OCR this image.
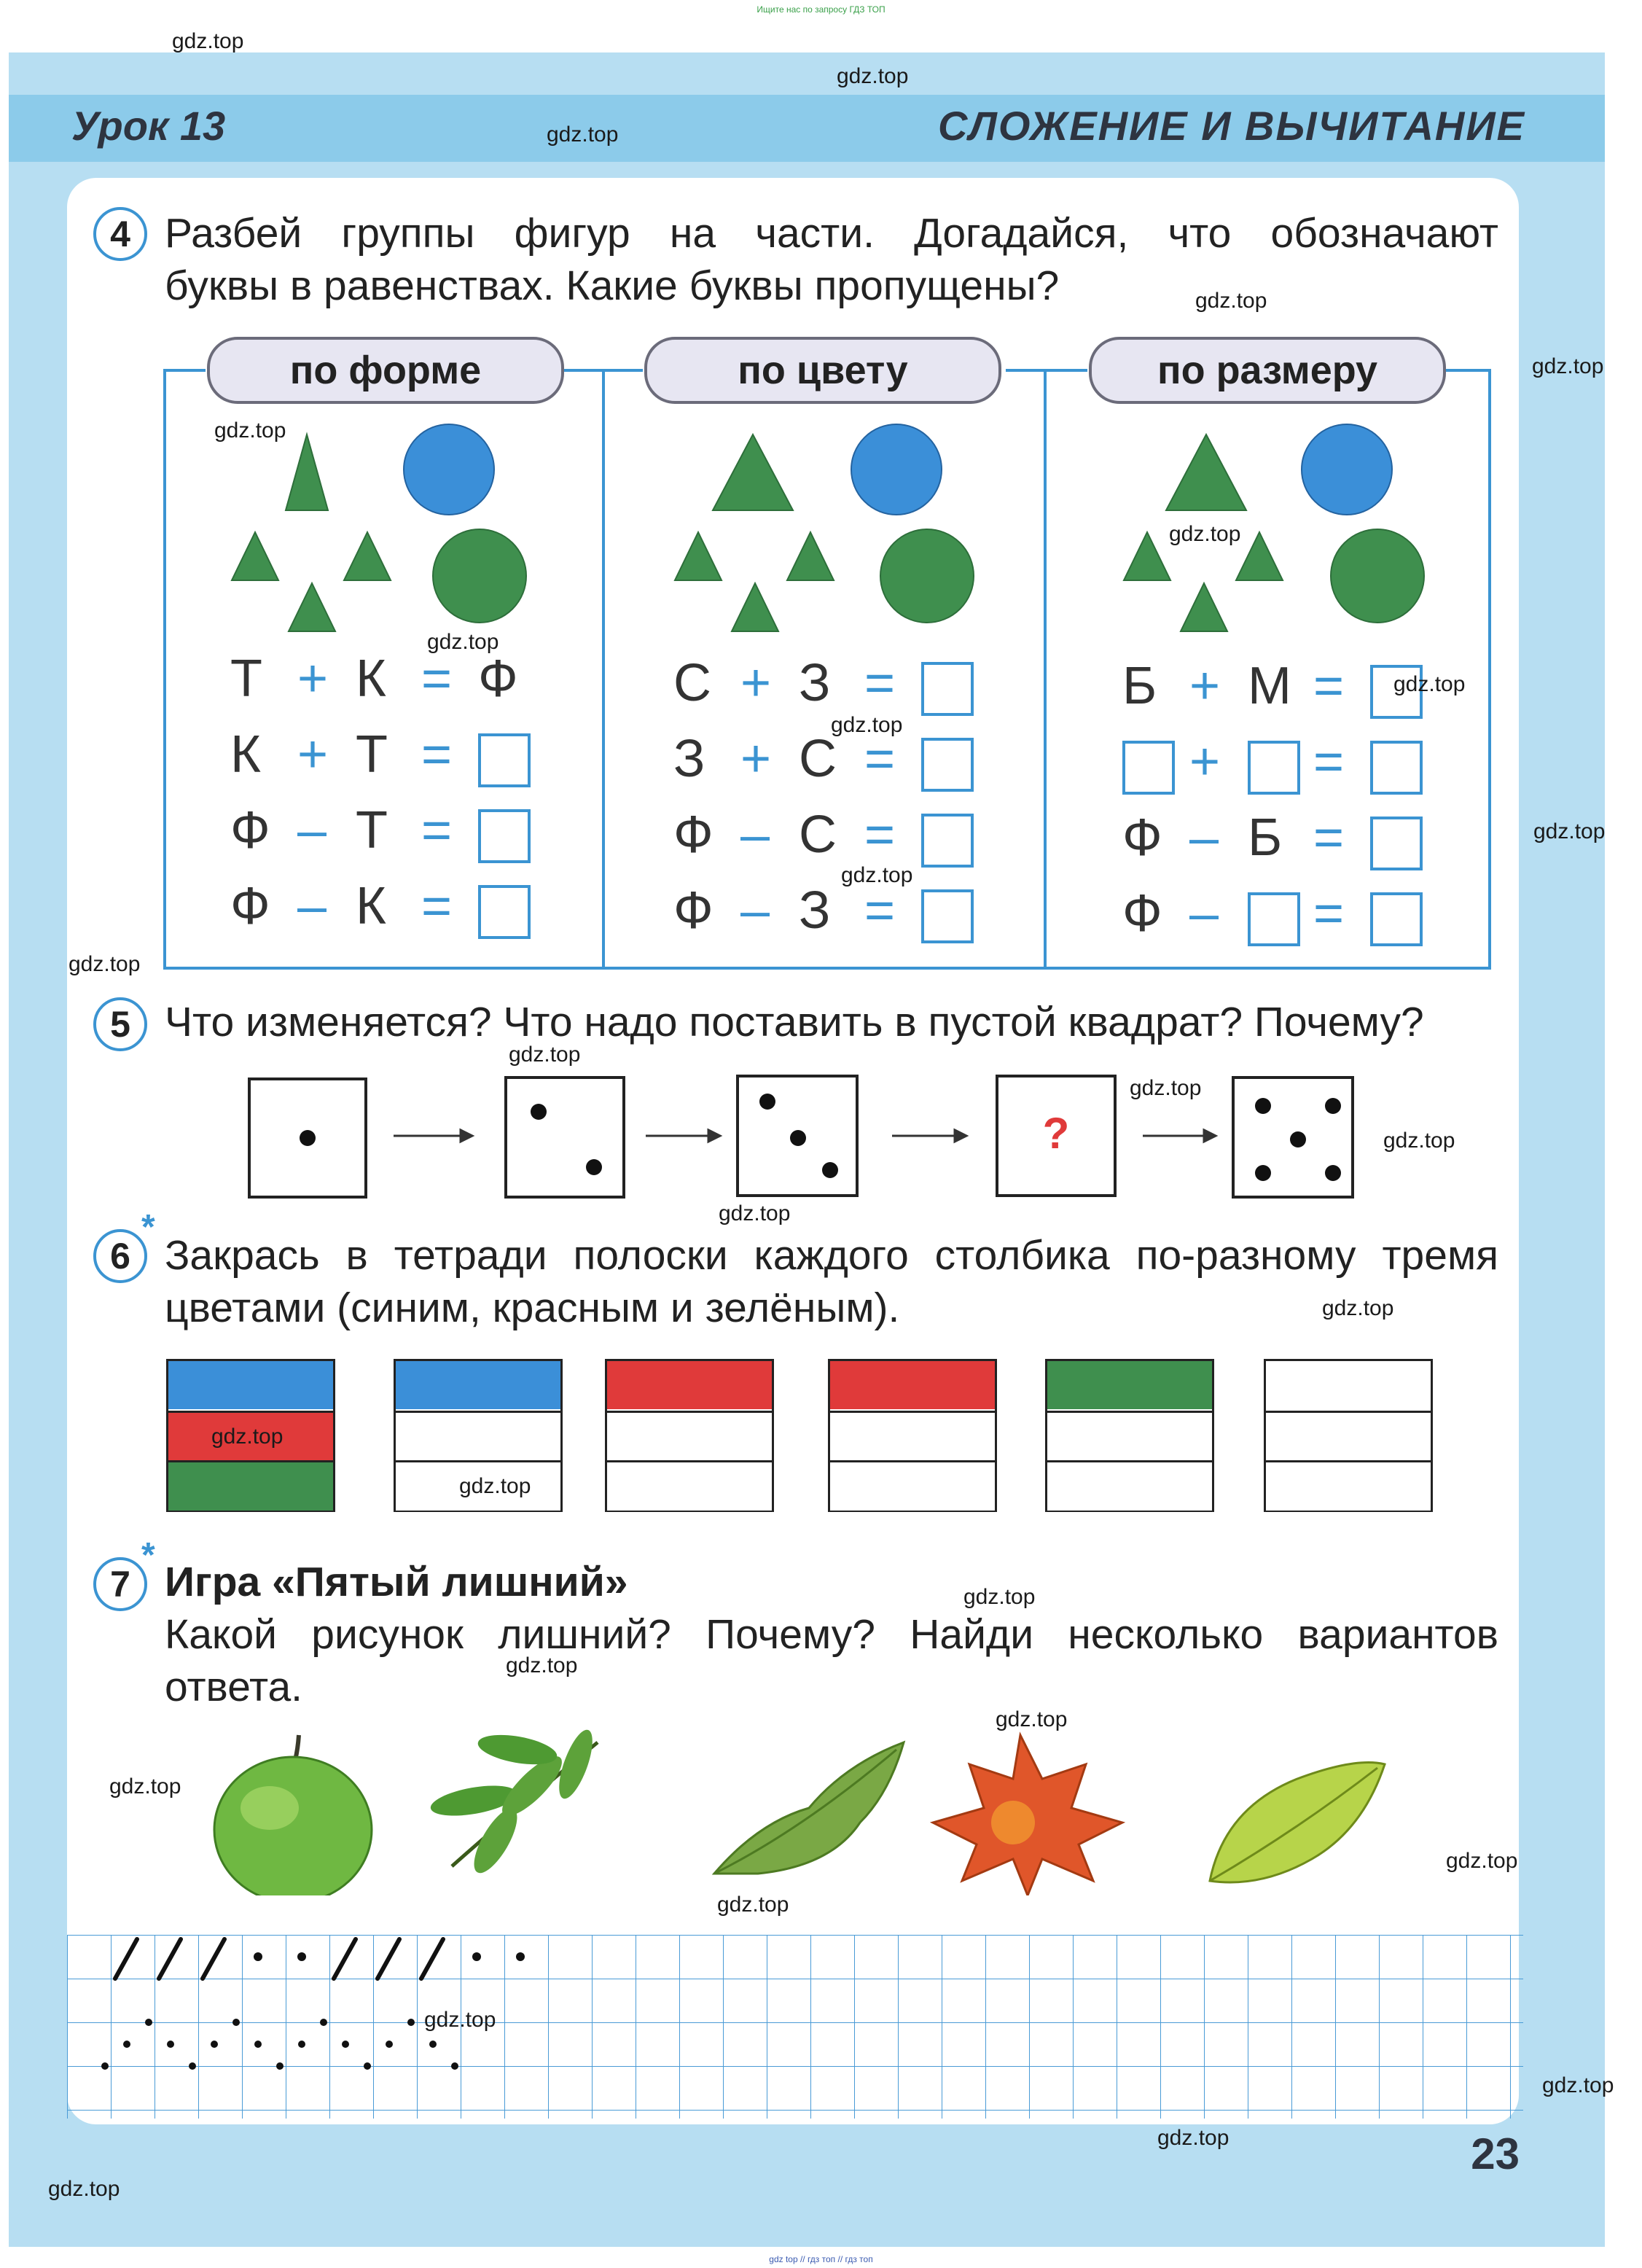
Ищите нас по запросу ГДЗ ТОП
Урок 13	СЛОЖЕНИЕ И ВЫЧИТАНИЕ
4 Разбей группы фигур на части. Догадайся, что обозначают
буквы в равенствах. Какие буквы пропущены?
по форме	по цвету	по размеру
Т + К = Ф
К + Т =
Ф – Т =
Ф – К =
С + З =
З + С =
Ф – С =
Ф – З =
Б + М =
+ =
Ф – Б =
Ф – =
5 Что изменяется? Что надо поставить в пустой квадрат? Почему?
?
6
*
Закрась в тетради полоски каждого столбика по-разному тремя
цветами (синим, красным и зелёным).
7
*
Игра «Пятый лишний»
Какой рисунок лишний? Почему? Найди несколько вариантов
ответа.
23
gdz.top
gdz.top
gdz.top
gdz.top
gdz.top
gdz.top
gdz.top
gdz.top
gdz.top
gdz.top
gdz.top
gdz.top
gdz.top
gdz.top
gdz.top
gdz.top
gdz.top
gdz.top
gdz.top
gdz.top
gdz.top
gdz.top
gdz.top
gdz.top
gdz.top
gdz.top
gdz.top
gdz.top
gdz.top
gdz.top
gdz top // гдз топ // гдз топ
